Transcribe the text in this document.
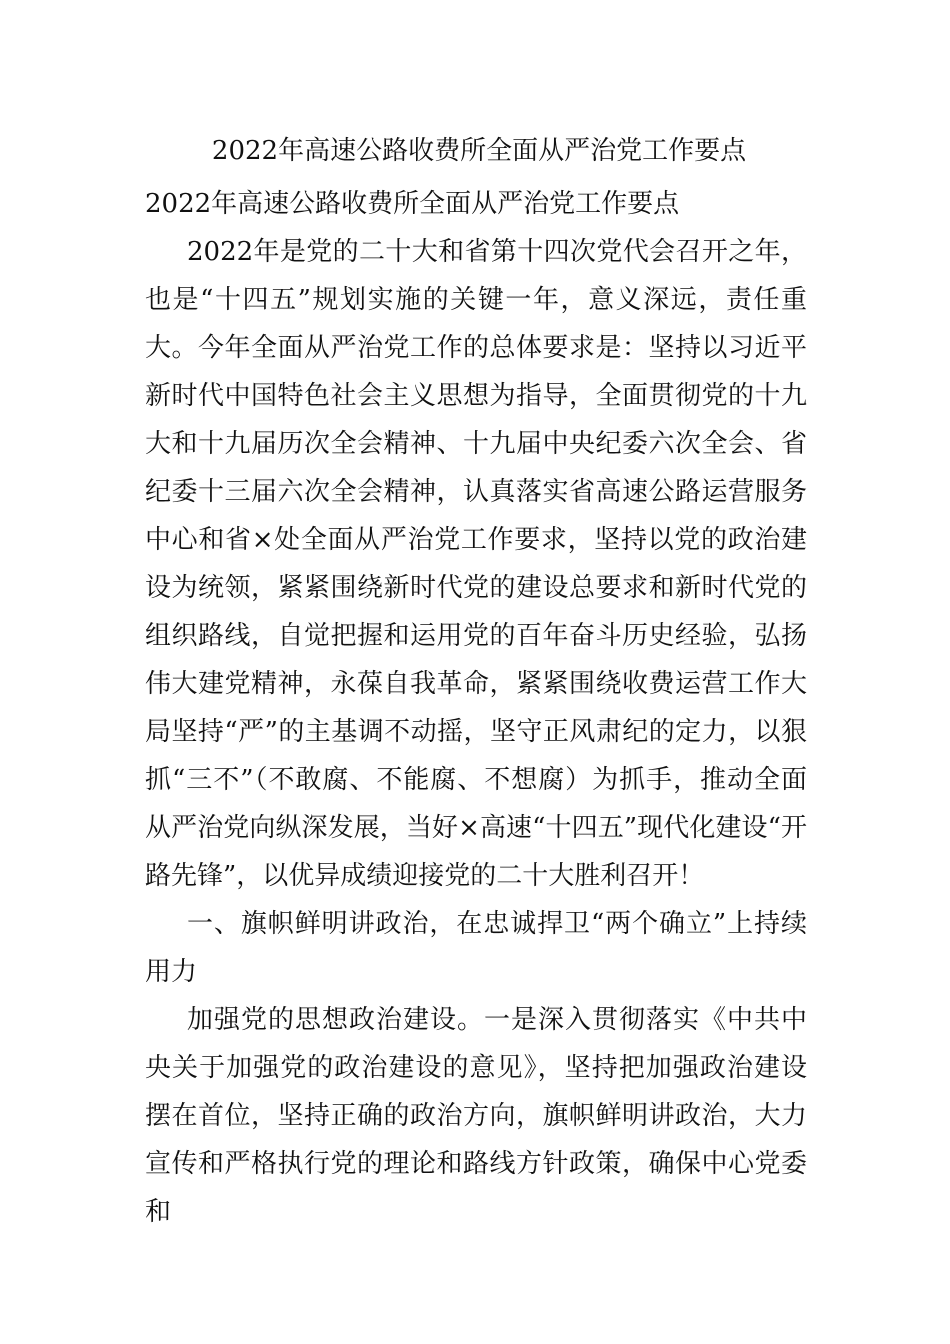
2022年高速公路收费所全面从严治党工作要点

2022年高速公路收费所全面从严治党工作要点

2022年是党的二十大和省第十四次党代会召开之年，也是“十四五”规划实施的关键一年，意义深远，责任重大。今年全面从严治党工作的总体要求是：坚持以习近平新时代中国特色社会主义思想为指导，全面贯彻党的十九大和十九届历次全会精神、十九届中央纪委六次全会、省纪委十三届六次全会精神，认真落实省高速公路运营服务中心和省×处全面从严治党工作要求，坚持以党的政治建设为统领，紧紧围绕新时代党的建设总要求和新时代党的组织路线，自觉把握和运用党的百年奋斗历史经验，弘扬伟大建党精神，永葆自我革命，紧紧围绕收费运营工作大局坚持“严”的主基调不动摇，坚守正风肃纪的定力，以狠抓“三不”（不敢腐、不能腐、不想腐）为抓手，推动全面从严治党向纵深发展，当好×高速“十四五”现代化建设“开路先锋”，以优异成绩迎接党的二十大胜利召开！

一、旗帜鲜明讲政治，在忠诚捍卫“两个确立”上持续用力

加强党的思想政治建设。一是深入贯彻落实《中共中央关于加强党的政治建设的意见》，坚持把加强政治建设摆在首位，坚持正确的政治方向，旗帜鲜明讲政治，大力宣传和严格执行党的理论和路线方针政策，确保中心党委和
